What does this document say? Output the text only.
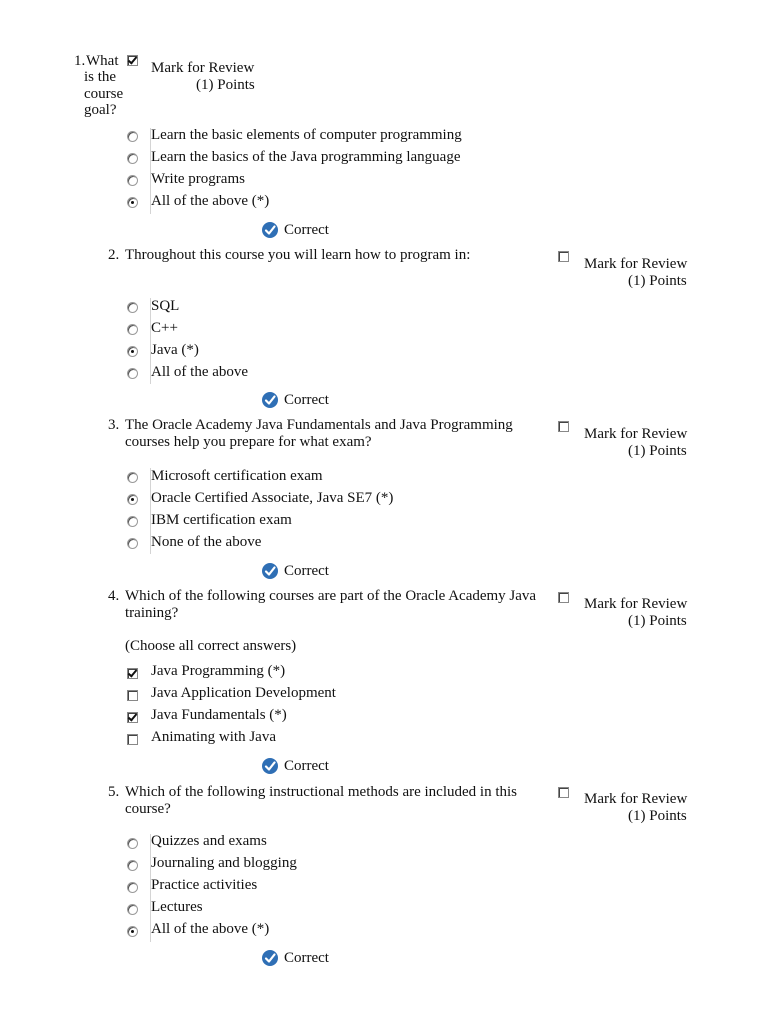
1. What
is the
course
goal?
Mark for Review
(1) Points
Learn the basic elements of computer programming
Learn the basics of the Java programming language
Write programs
All of the above (*)
Correct
2. Throughout this course you will learn how to program in:
Mark for Review
(1) Points
SQL
C++
Java (*)
All of the above
Correct
3. The Oracle Academy Java Fundamentals and Java Programming
courses help you prepare for what exam?	Mark for Review
(1) Points
Microsoft certification exam
Oracle Certified Associate, Java SE7 (*)
IBM certification exam
None of the above
Correct
4. Which of the following courses are part of the Oracle Academy Java
training?
Mark for Review
(1) Points
(Choose all correct answers)
Java Programming (*)
Java Application Development
Java Fundamentals (*)
Animating with Java
Correct
5. Which of the following instructional methods are included in this
course?
Mark for Review
(1) Points
Quizzes and exams
Journaling and blogging
Practice activities
Lectures
All of the above (*)
Correct
